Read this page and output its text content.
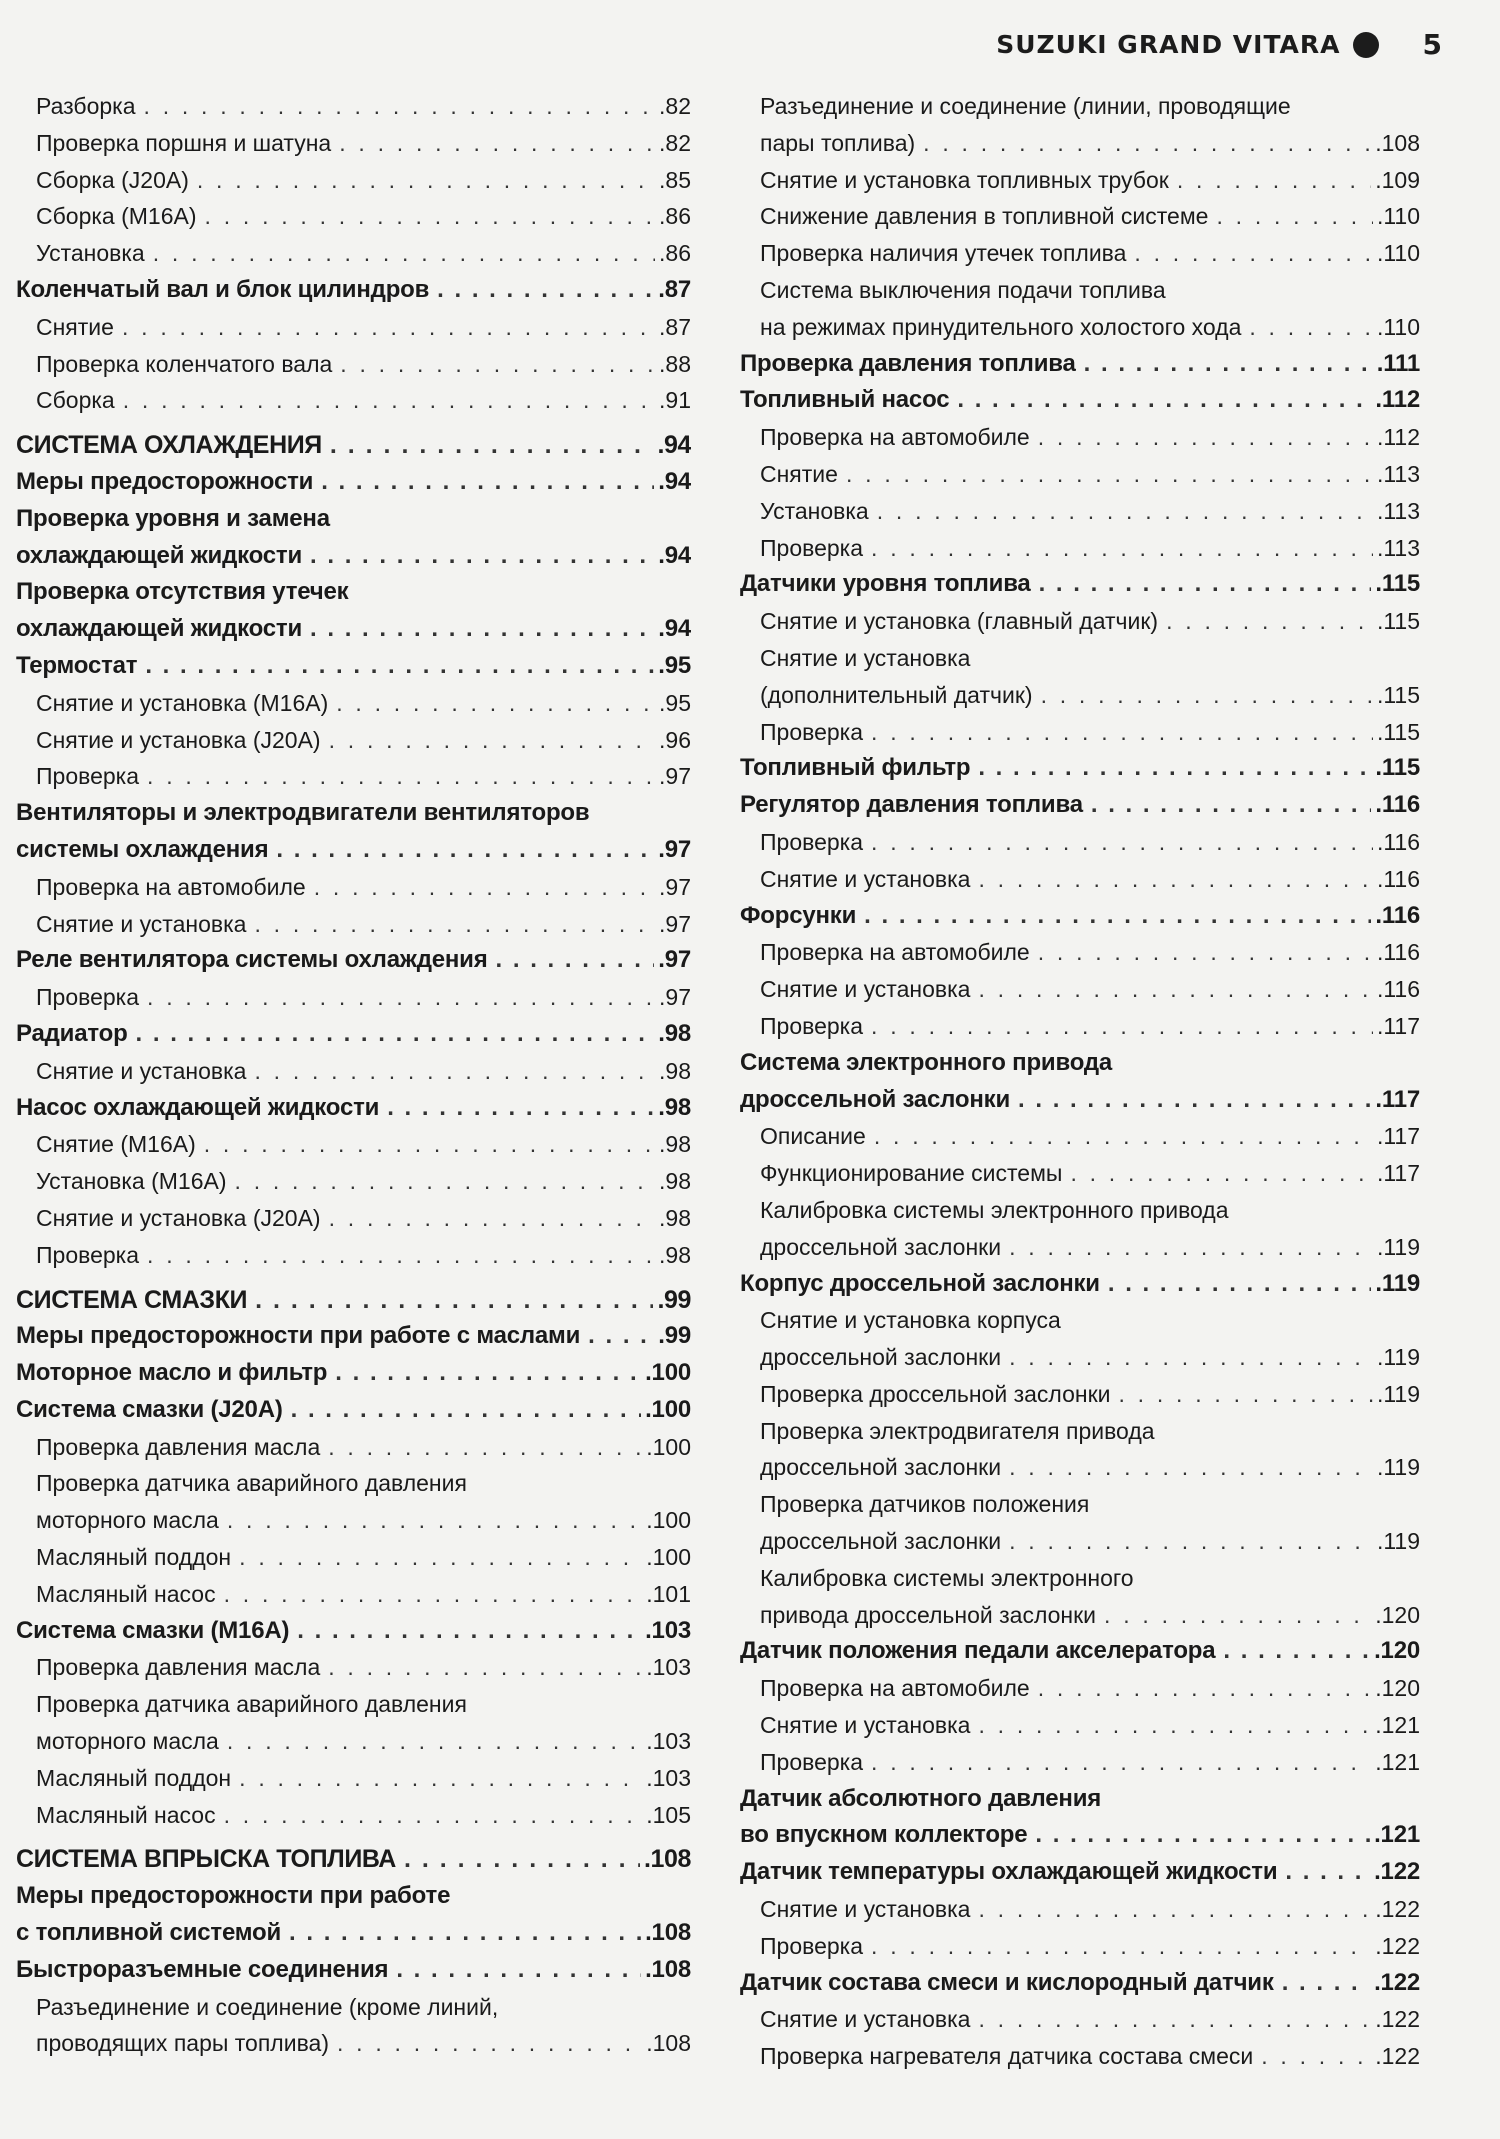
SUZUKI GRAND VITARA	5
Разборка . . .	.82
Проверка поршня и шатуна . . .	.82
Сборка (J20A) . . .	.85
Сборка (M16A) . . .	.86
Установка . . .	.86
Коленчатый вал и блок цилиндров . . .	.87
Снятие . . .	.87
Проверка коленчатого вала . . .	.88
Сборка . . .	.91
СИСТЕМА ОХЛАЖДЕНИЯ . . .	.94
Меры предосторожности . . .	.94
Проверка уровня и замена
охлаждающей жидкости . . .	.94
Проверка отсутствия утечек
охлаждающей жидкости . . .	.94
Термостат . . .	.95
Снятие и установка (M16A) . . .	.95
Снятие и установка (J20A) . . .	.96
Проверка . . .	.97
Вентиляторы и электродвигатели вентиляторов
системы охлаждения . . .	.97
Проверка на автомобиле . . .	.97
Снятие и установка . . .	.97
Реле вентилятора системы охлаждения . . .	.97
Проверка . . .	.97
Радиатор . . .	.98
Снятие и установка . . .	.98
Насос охлаждающей жидкости . . .	.98
Снятие (M16A) . . .	.98
Установка (M16A) . . .	.98
Снятие и установка (J20A) . . .	.98
Проверка . . .	.98
СИСТЕМА СМАЗКИ . . .	.99
Меры предосторожности при работе с маслами . . .	.99
Моторное масло и фильтр . . .	.100
Система смазки (J20A) . . .	.100
Проверка давления масла . . .	.100
Проверка датчика аварийного давления
моторного масла . . .	.100
Масляный поддон . . .	.100
Масляный насос . . .	.101
Система смазки (M16A) . . .	.103
Проверка давления масла . . .	.103
Проверка датчика аварийного давления
моторного масла . . .	.103
Масляный поддон . . .	.103
Масляный насос . . .	.105
СИСТЕМА ВПРЫСКА ТОПЛИВА . . .	.108
Меры предосторожности при работе
с топливной системой . . .	.108
Быстроразъемные соединения . . .	.108
Разъединение и соединение (кроме линий,
проводящих пары топлива) . . .	.108
Разъединение и соединение (линии, проводящие
пары топлива) . . .	.108
Снятие и установка топливных трубок . . .	.109
Снижение давления в топливной системе . . .	.110
Проверка наличия утечек топлива . . .	.110
Система выключения подачи топлива
на режимах принудительного холостого хода . . .	.110
Проверка давления топлива . . .	.111
Топливный насос . . .	.112
Проверка на автомобиле . . .	.112
Снятие . . .	.113
Установка . . .	.113
Проверка . . .	.113
Датчики уровня топлива . . .	.115
Снятие и установка (главный датчик) . . .	.115
Снятие и установка
(дополнительный датчик) . . .	.115
Проверка . . .	.115
Топливный фильтр . . .	.115
Регулятор давления топлива . . .	.116
Проверка . . .	.116
Снятие и установка . . .	.116
Форсунки . . .	.116
Проверка на автомобиле . . .	.116
Снятие и установка . . .	.116
Проверка . . .	.117
Система электронного привода
дроссельной заслонки . . .	.117
Описание . . .	.117
Функционирование системы . . .	.117
Калибровка системы электронного привода
дроссельной заслонки . . .	.119
Корпус дроссельной заслонки . . .	.119
Снятие и установка корпуса
дроссельной заслонки . . .	.119
Проверка дроссельной заслонки . . .	.119
Проверка электродвигателя привода
дроссельной заслонки . . .	.119
Проверка датчиков положения
дроссельной заслонки . . .	.119
Калибровка системы электронного
привода дроссельной заслонки . . .	.120
Датчик положения педали акселератора . . .	.120
Проверка на автомобиле . . .	.120
Снятие и установка . . .	.121
Проверка . . .	.121
Датчик абсолютного давления
во впускном коллекторе . . .	.121
Датчик температуры охлаждающей жидкости . . .	.122
Снятие и установка . . .	.122
Проверка . . .	.122
Датчик состава смеси и кислородный датчик . . .	.122
Снятие и установка . . .	.122
Проверка нагревателя датчика состава смеси . . .	.122
